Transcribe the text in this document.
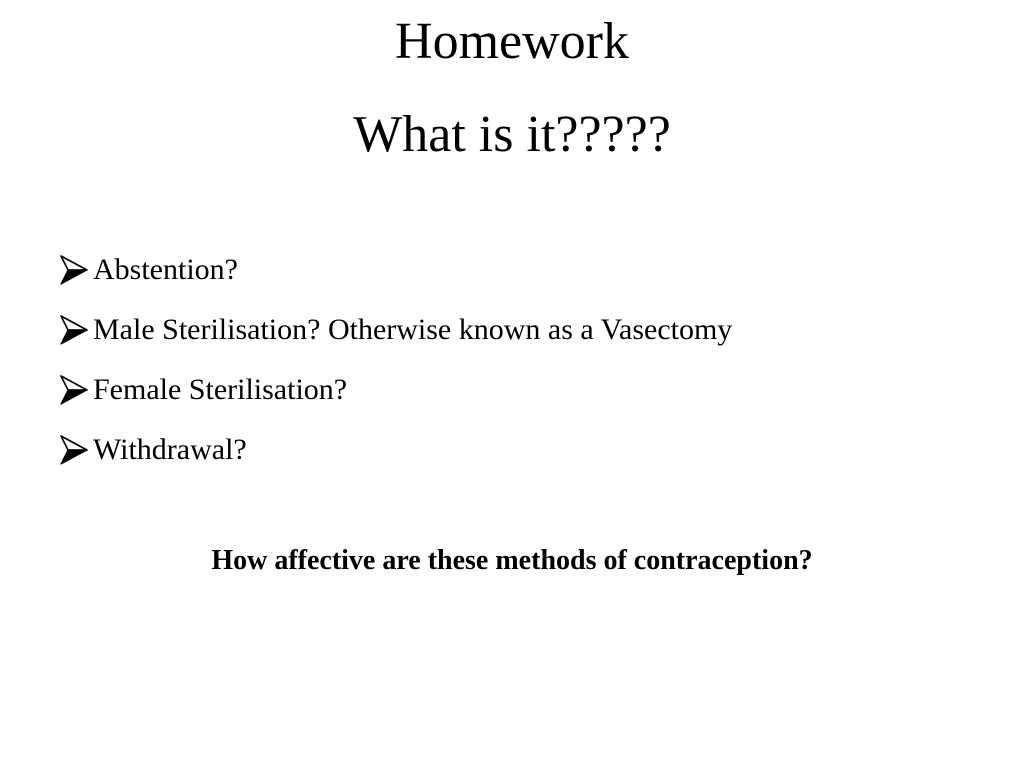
Homework
What is it?????
Abstention?
Male Sterilisation? Otherwise known as a Vasectomy
Female Sterilisation?
Withdrawal?
How affective are these methods of contraception?
